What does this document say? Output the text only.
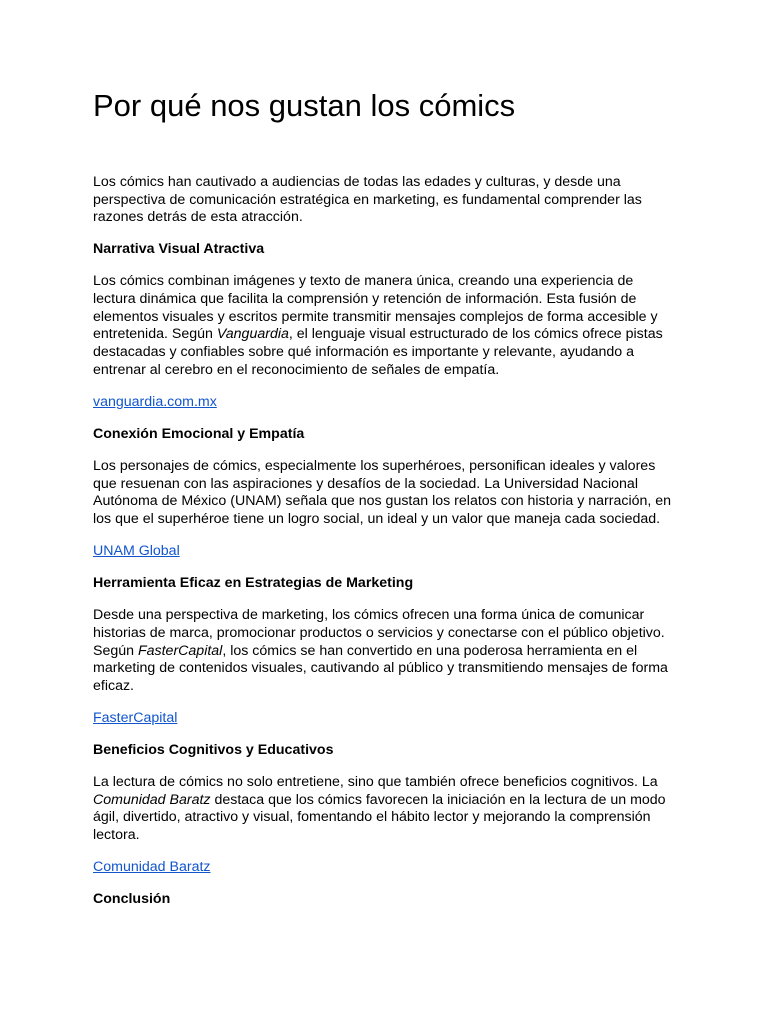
Por qué nos gustan los cómics

Los cómics han cautivado a audiencias de todas las edades y culturas, y desde una perspectiva de comunicación estratégica en marketing, es fundamental comprender las razones detrás de esta atracción.

Narrativa Visual Atractiva

Los cómics combinan imágenes y texto de manera única, creando una experiencia de lectura dinámica que facilita la comprensión y retención de información. Esta fusión de elementos visuales y escritos permite transmitir mensajes complejos de forma accesible y entretenida. Según Vanguardia, el lenguaje visual estructurado de los cómics ofrece pistas destacadas y confiables sobre qué información es importante y relevante, ayudando a entrenar al cerebro en el reconocimiento de señales de empatía.

vanguardia.com.mx

Conexión Emocional y Empatía

Los personajes de cómics, especialmente los superhéroes, personifican ideales y valores que resuenan con las aspiraciones y desafíos de la sociedad. La Universidad Nacional Autónoma de México (UNAM) señala que nos gustan los relatos con historia y narración, en los que el superhéroe tiene un logro social, un ideal y un valor que maneja cada sociedad.

UNAM Global

Herramienta Eficaz en Estrategias de Marketing

Desde una perspectiva de marketing, los cómics ofrecen una forma única de comunicar historias de marca, promocionar productos o servicios y conectarse con el público objetivo. Según FasterCapital, los cómics se han convertido en una poderosa herramienta en el marketing de contenidos visuales, cautivando al público y transmitiendo mensajes de forma eficaz.

FasterCapital

Beneficios Cognitivos y Educativos

La lectura de cómics no solo entretiene, sino que también ofrece beneficios cognitivos. La Comunidad Baratz destaca que los cómics favorecen la iniciación en la lectura de un modo ágil, divertido, atractivo y visual, fomentando el hábito lector y mejorando la comprensión lectora.

Comunidad Baratz

Conclusión
